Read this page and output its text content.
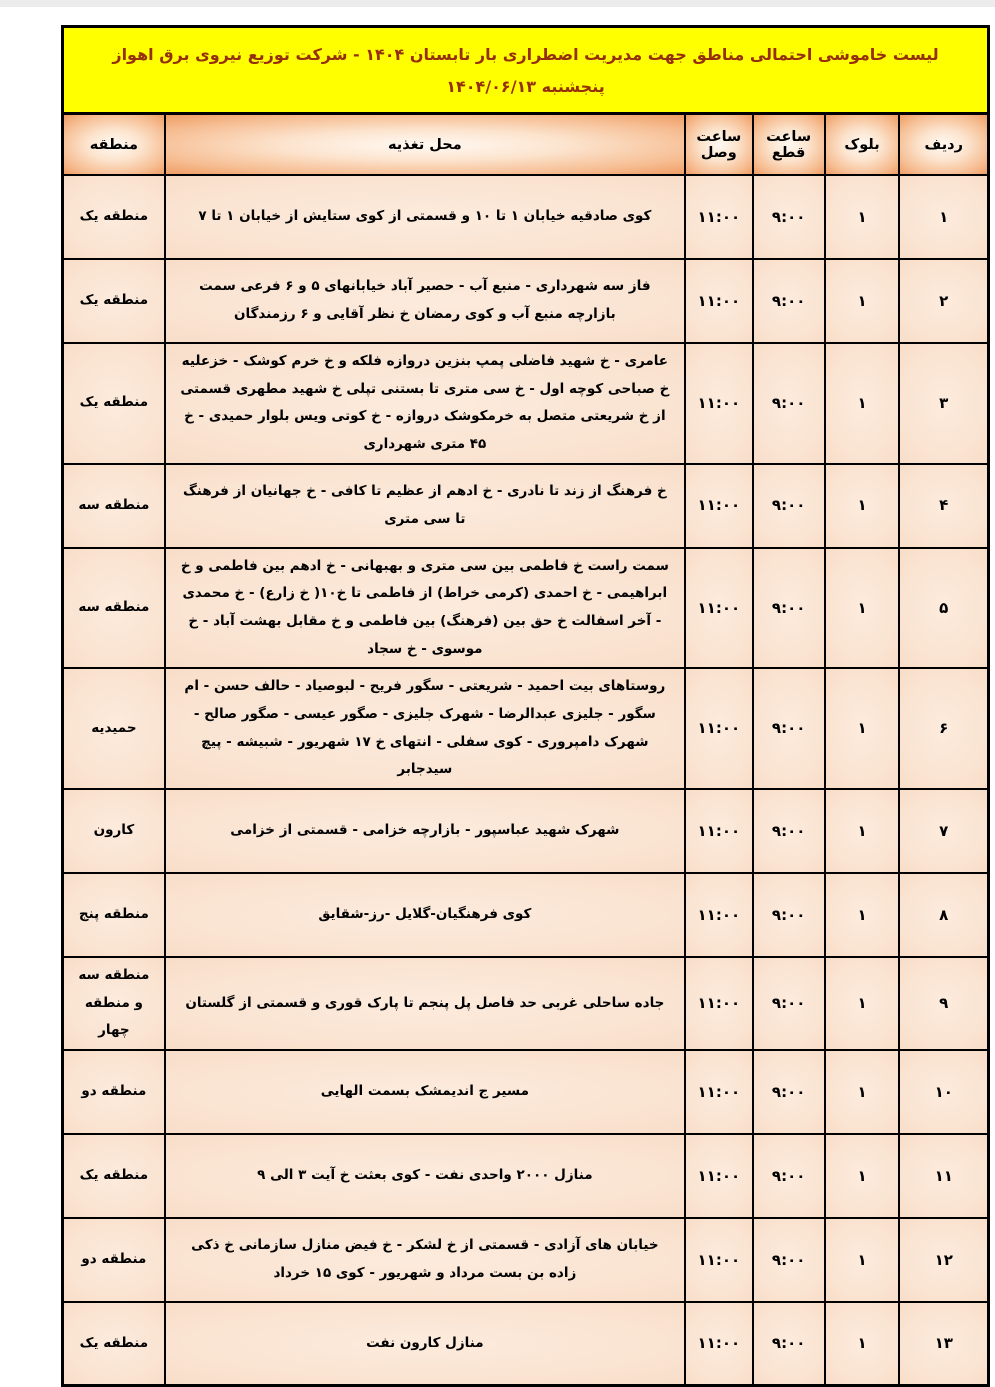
لیست خاموشی احتمالی مناطق جهت مدیریت اضطراری بار تابستان ۱۴۰۴ - شرکت توزیع نیروی برق اهواز
پنجشنبه ۱۴۰۴/۰۶/۱۳
ردیف	بلوک	ساعت قطع	ساعت وصل	محل تغذیه	منطقه
۱	۱	۹:۰۰	۱۱:۰۰	کوی صادقیه خیابان ۱ تا ۱۰ و قسمتی از کوی ستایش از خیابان ۱ تا ۷	منطقه یک
۲	۱	۹:۰۰	۱۱:۰۰	فاز سه شهرداری - منبع آب - حصیر آباد خیابانهای ۵ و ۶ فرعی سمت بازارچه منبع آب و کوی رمضان خ نظر آقایی و ۶ رزمندگان	منطقه یک
۳	۱	۹:۰۰	۱۱:۰۰	عامری - خ شهید فاضلی پمپ بنزین دروازه فلکه و خ خرم کوشک - خزعلیه خ صباحی کوچه اول - خ سی متری تا بستنی تپلی خ شهید مطهری قسمتی از خ شریعتی متصل به خرمکوشک دروازه - خ کوتی ویس بلوار حمیدی - خ ۴۵ متری شهرداری	منطقه یک
۴	۱	۹:۰۰	۱۱:۰۰	خ فرهنگ از زند تا نادری - خ ادهم از عظیم تا کافی - خ جهانیان از فرهنگ تا سی متری	منطقه سه
۵	۱	۹:۰۰	۱۱:۰۰	سمت راست خ فاطمی بین سی متری و بهبهانی - خ ادهم بین فاطمی و خ ابراهیمی - خ احمدی (کرمی خراط) از فاطمی تا خ۱۰( خ زارع) - خ محمدی - آخر اسفالت خ حق بین (فرهنگ) بین فاطمی و خ مقابل بهشت آباد - خ موسوی - خ سجاد	منطقه سه
۶	۱	۹:۰۰	۱۱:۰۰	روستاهای بیت احمید - شریعتی - سگور فریح - لبوصیاد - حالف حسن - ام سگور - جلیزی عبدالرضا - شهرک جلیزی - صگور عیسی - صگور صالح - شهرک دامپروری - کوی سفلی - انتهای خ ۱۷ شهریور - شبیشه - پیچ سیدجابر	حمیدیه
۷	۱	۹:۰۰	۱۱:۰۰	شهرک شهید عباسپور - بازارچه خزامی - قسمتی از خزامی	کارون
۸	۱	۹:۰۰	۱۱:۰۰	کوی فرهنگیان-گلایل -رز-شقایق	منطقه پنج
۹	۱	۹:۰۰	۱۱:۰۰	جاده ساحلی غربی حد فاصل پل پنجم تا پارک قوری و قسمتی از گلستان	منطقه سه و منطقه چهار
۱۰	۱	۹:۰۰	۱۱:۰۰	مسیر ج اندیمشک بسمت الهایی	منطقه دو
۱۱	۱	۹:۰۰	۱۱:۰۰	منازل ۲۰۰۰ واحدی نفت - کوی بعثت خ آیت ۳ الی ۹	منطقه یک
۱۲	۱	۹:۰۰	۱۱:۰۰	خیابان های آزادی - قسمتی از خ لشکر - خ فیض منازل سازمانی خ ذکی زاده بن بست مرداد و شهریور - کوی ۱۵ خرداد	منطقه دو
۱۳	۱	۹:۰۰	۱۱:۰۰	منازل کارون نفت	منطقه یک
